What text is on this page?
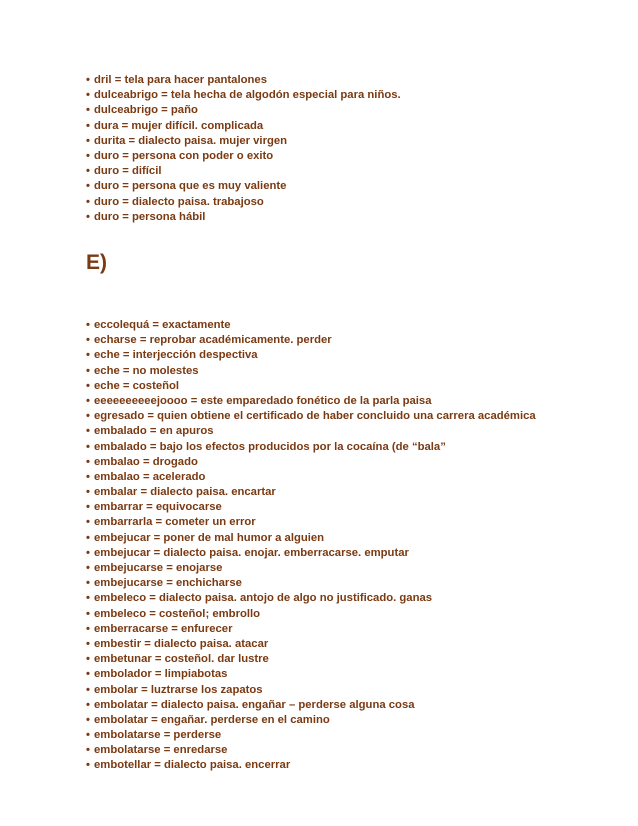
• dril = tela para hacer pantalones
• dulceabrigo = tela hecha de algodón especial para niños.
• dulceabrigo = paño
• dura = mujer difícil. complicada
• durita = dialecto paisa. mujer virgen
• duro = persona con poder o exito
• duro = difícil
• duro = persona que es muy valiente
• duro = dialecto paisa. trabajoso
• duro = persona hábil
E)
• eccolequá = exactamente
• echarse = reprobar académicamente. perder
• eche = interjección despectiva
• eche = no molestes
• eche = costeñol
• eeeeeeeeeejoooo = este emparedado fonético de la parla paisa
• egresado = quien obtiene el certificado de haber concluido una carrera académica
• embalado = en apuros
• embalado = bajo los efectos producidos por la cocaína (de “bala”
• embalao = drogado
• embalao = acelerado
• embalar = dialecto paisa. encartar
• embarrar = equivocarse
• embarrarla = cometer un error
• embejucar = poner de mal humor a alguien
• embejucar = dialecto paisa. enojar. emberracarse. emputar
• embejucarse = enojarse
• embejucarse = enchicharse
• embeleco = dialecto paisa. antojo de algo no justificado. ganas
• embeleco = costeñol; embrollo
• emberracarse = enfurecer
• embestir = dialecto paisa. atacar
• embetunar = costeñol. dar lustre
• embolador = limpiabotas
• embolar = luztrarse los zapatos
• embolatar = dialecto paisa. engañar – perderse alguna cosa
• embolatar = engañar. perderse en el camino
• embolatarse = perderse
• embolatarse = enredarse
• embotellar = dialecto paisa. encerrar
